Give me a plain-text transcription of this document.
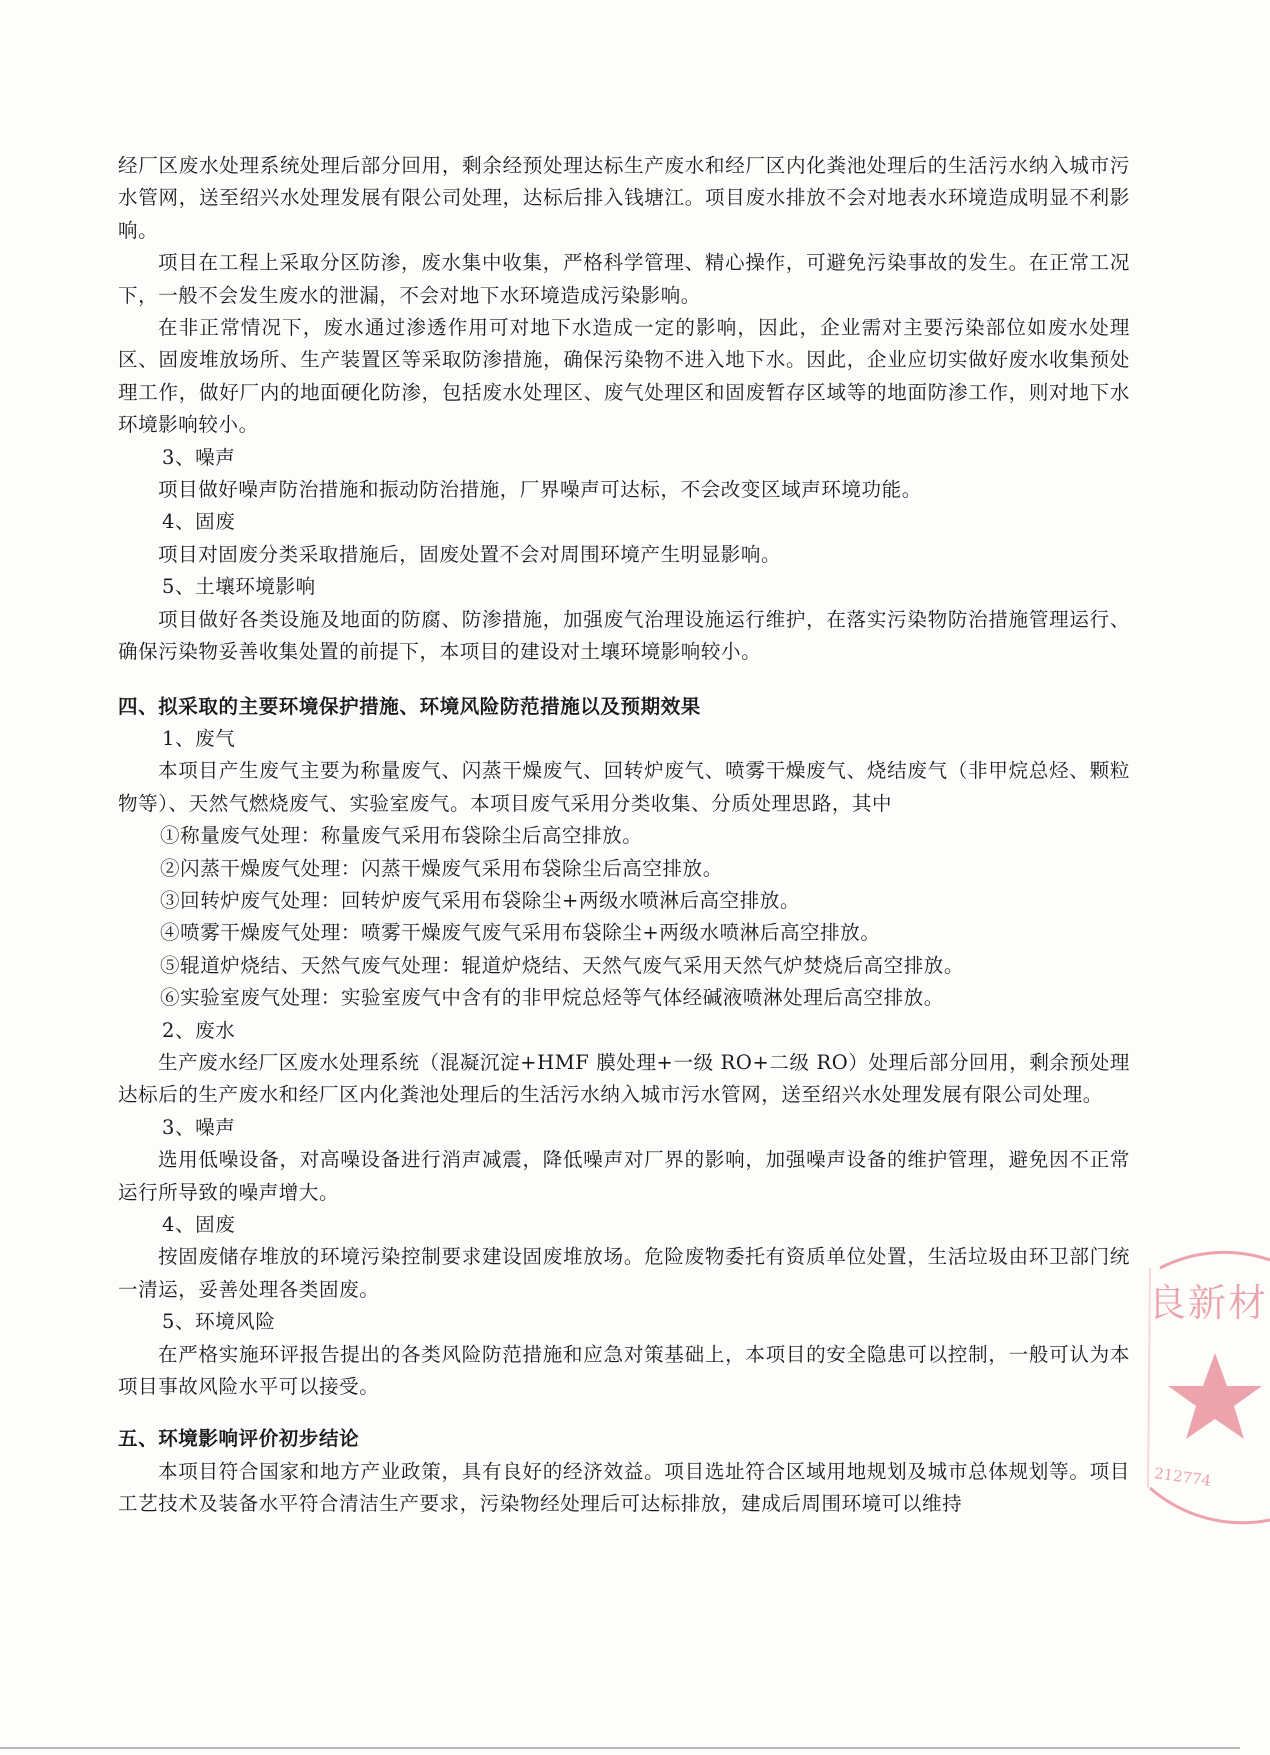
经厂区废水处理系统处理后部分回用，剩余经预处理达标生产废水和经厂区内化粪池处理后的生活污水纳入城市污水管网，送至绍兴水处理发展有限公司处理，达标后排入钱塘江。项目废水排放不会对地表水环境造成明显不利影响。

项目在工程上采取分区防渗，废水集中收集，严格科学管理、精心操作，可避免污染事故的发生。在正常工况下，一般不会发生废水的泄漏，不会对地下水环境造成污染影响。

在非正常情况下，废水通过渗透作用可对地下水造成一定的影响，因此，企业需对主要污染部位如废水处理区、固废堆放场所、生产装置区等采取防渗措施，确保污染物不进入地下水。因此，企业应切实做好废水收集预处理工作，做好厂内的地面硬化防渗，包括废水处理区、废气处理区和固废暂存区域等的地面防渗工作，则对地下水环境影响较小。

3、噪声

项目做好噪声防治措施和振动防治措施，厂界噪声可达标，不会改变区域声环境功能。

4、固废

项目对固废分类采取措施后，固废处置不会对周围环境产生明显影响。

5、土壤环境影响

项目做好各类设施及地面的防腐、防渗措施，加强废气治理设施运行维护，在落实污染物防治措施管理运行、确保污染物妥善收集处置的前提下，本项目的建设对土壤环境影响较小。

四、拟采取的主要环境保护措施、环境风险防范措施以及预期效果

1、废气

本项目产生废气主要为称量废气、闪蒸干燥废气、回转炉废气、喷雾干燥废气、烧结废气（非甲烷总烃、颗粒物等）、天然气燃烧废气、实验室废气。本项目废气采用分类收集、分质处理思路，其中

①称量废气处理：称量废气采用布袋除尘后高空排放。

②闪蒸干燥废气处理：闪蒸干燥废气采用布袋除尘后高空排放。

③回转炉废气处理：回转炉废气采用布袋除尘+两级水喷淋后高空排放。

④喷雾干燥废气处理：喷雾干燥废气废气采用布袋除尘+两级水喷淋后高空排放。

⑤辊道炉烧结、天然气废气处理：辊道炉烧结、天然气废气采用天然气炉焚烧后高空排放。

⑥实验室废气处理：实验室废气中含有的非甲烷总烃等气体经碱液喷淋处理后高空排放。

2、废水

生产废水经厂区废水处理系统（混凝沉淀+HMF 膜处理+一级 RO+二级 RO）处理后部分回用，剩余预处理达标后的生产废水和经厂区内化粪池处理后的生活污水纳入城市污水管网，送至绍兴水处理发展有限公司处理。

3、噪声

选用低噪设备，对高噪设备进行消声减震，降低噪声对厂界的影响，加强噪声设备的维护管理，避免因不正常运行所导致的噪声增大。

4、固废

按固废储存堆放的环境污染控制要求建设固废堆放场。危险废物委托有资质单位处置，生活垃圾由环卫部门统一清运，妥善处理各类固废。

5、环境风险

在严格实施环评报告提出的各类风险防范措施和应急对策基础上，本项目的安全隐患可以控制，一般可认为本项目事故风险水平可以接受。

五、环境影响评价初步结论

本项目符合国家和地方产业政策，具有良好的经济效益。项目选址符合区域用地规划及城市总体规划等。项目工艺技术及装备水平符合清洁生产要求，污染物经处理后可达标排放，建成后周围环境可以维持

良新材
212774
